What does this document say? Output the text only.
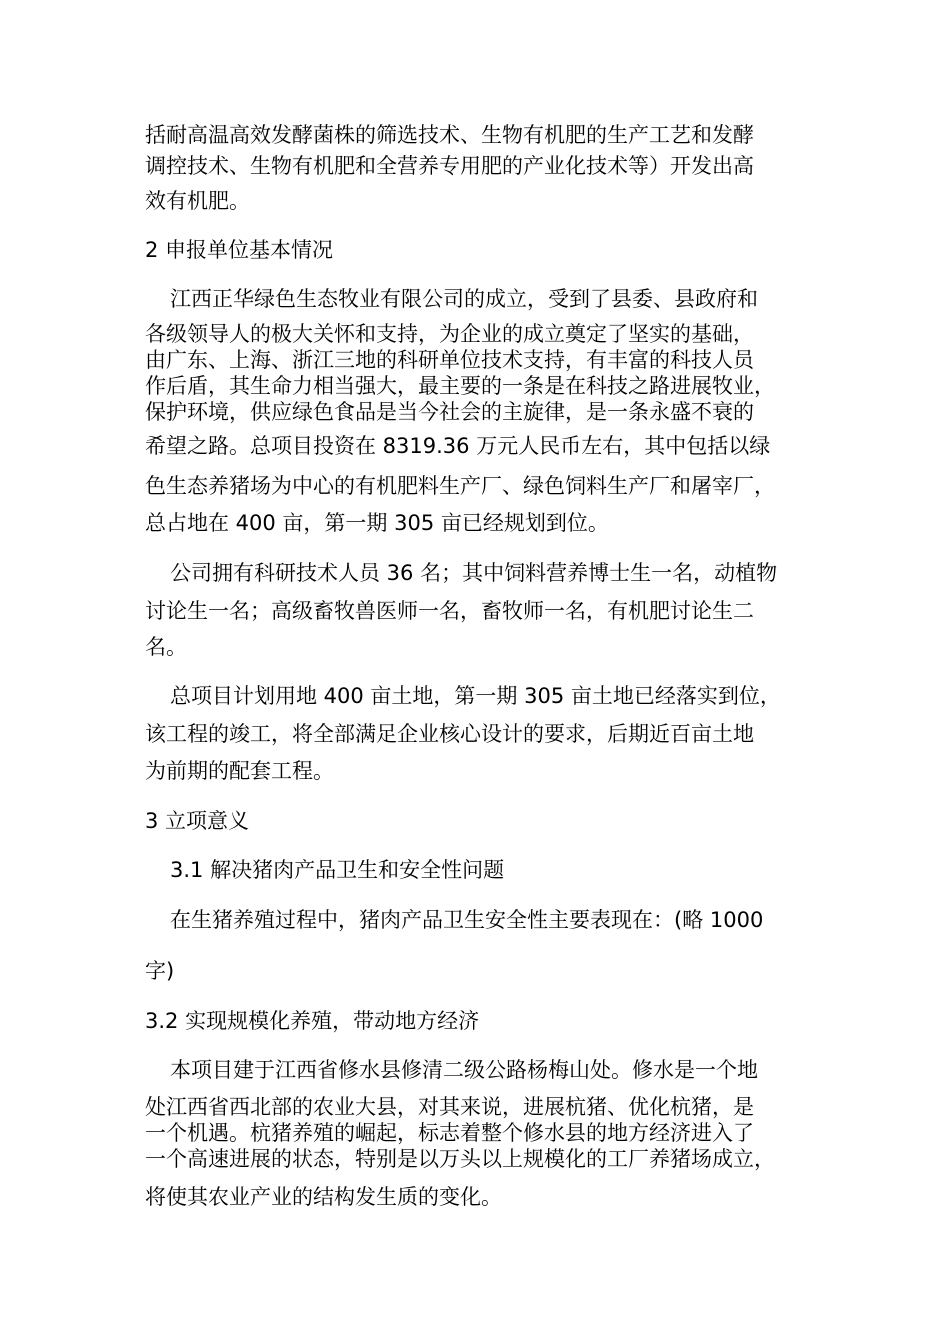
括耐高温高效发酵菌株的筛选技术、生物有机肥的生产工艺和发酵
调控技术、生物有机肥和全营养专用肥的产业化技术等）开发出高
效有机肥。
2 申报单位基本情况
江西正华绿色生态牧业有限公司的成立，受到了县委、县政府和
各级领导人的极大关怀和支持，为企业的成立奠定了坚实的基础，
由广东、上海、浙江三地的科研单位技术支持，有丰富的科技人员
作后盾，其生命力相当强大，最主要的一条是在科技之路进展牧业，
保护环境，供应绿色食品是当今社会的主旋律，是一条永盛不衰的
希望之路。总项目投资在 8319.36 万元人民币左右，其中包括以绿
色生态养猪场为中心的有机肥料生产厂、绿色饲料生产厂和屠宰厂，
总占地在 400 亩，第一期 305 亩已经规划到位。
公司拥有科研技术人员 36 名；其中饲料营养博士生一名，动植物
讨论生一名；高级畜牧兽医师一名，畜牧师一名，有机肥讨论生二
名。
总项目计划用地 400 亩土地，第一期 305 亩土地已经落实到位，
该工程的竣工，将全部满足企业核心设计的要求，后期近百亩土地
为前期的配套工程。
3 立项意义
3.1 解决猪肉产品卫生和安全性问题
在生猪养殖过程中，猪肉产品卫生安全性主要表现在：(略 1000
字)
3.2 实现规模化养殖，带动地方经济
本项目建于江西省修水县修清二级公路杨梅山处。修水是一个地
处江西省西北部的农业大县，对其来说，进展杭猪、优化杭猪，是
一个机遇。杭猪养殖的崛起，标志着整个修水县的地方经济进入了
一个高速进展的状态，特别是以万头以上规模化的工厂养猪场成立，
将使其农业产业的结构发生质的变化。
